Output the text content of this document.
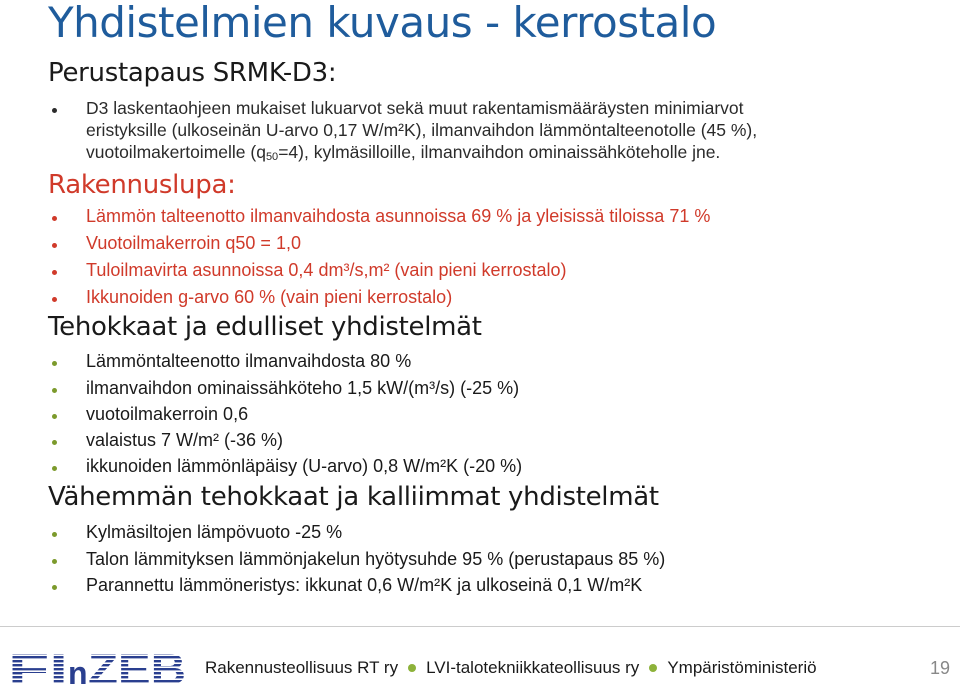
Yhdistelmien kuvaus - kerrostalo
Perustapaus SRMK-D3:
D3 laskentaohjeen mukaiset lukuarvot sekä muut rakentamismääräysten minimiarvot
eristyksille (ulkoseinän U-arvo 0,17 W/m²K), ilmanvaihdon lämmöntalteenotolle (45 %),
vuotoilmakertoimelle $(q_{50}=4)$, kylmäsilloille, ilmanvaihdon ominaissähköteholle jne.
Rakennuslupa:
Lämmön talteenotto ilmanvaihdosta asunnoissa 69 % ja yleisissä tiloissa 71 %
Vuotoilmakerroin q50 = 1,0
Tuloilmavirta asunnoissa 0,4 dm³/s,m² (vain pieni kerrostalo)
Ikkunoiden g-arvo 60 % (vain pieni kerrostalo)
Tehokkaat ja edulliset yhdistelmät
Lämmöntalteenotto ilmanvaihdosta 80 %
ilmanvaihdon ominaissähköteho 1,5 kW/(m³/s) (-25 %)
vuotoilmakerroin 0,6
valaistus 7 W/m² (-36 %)
ikkunoiden lämmönläpäisy (U-arvo) 0,8 W/m²K (-20 %)
Vähemmän tehokkaat ja kalliimmat yhdistelmät
Kylmäsiltojen lämpövuoto -25 %
Talon lämmityksen lämmönjakelun hyötysuhde 95 % (perustapaus 85 %)
Parannettu lämmöneristys: ikkunat 0,6 W/m²K ja ulkoseinä 0,1 W/m²K
FI n ZEB Rakennusteollisuus RT ry LVI-talotekniikkateollisuus ry Ympäristöministeriö	19
